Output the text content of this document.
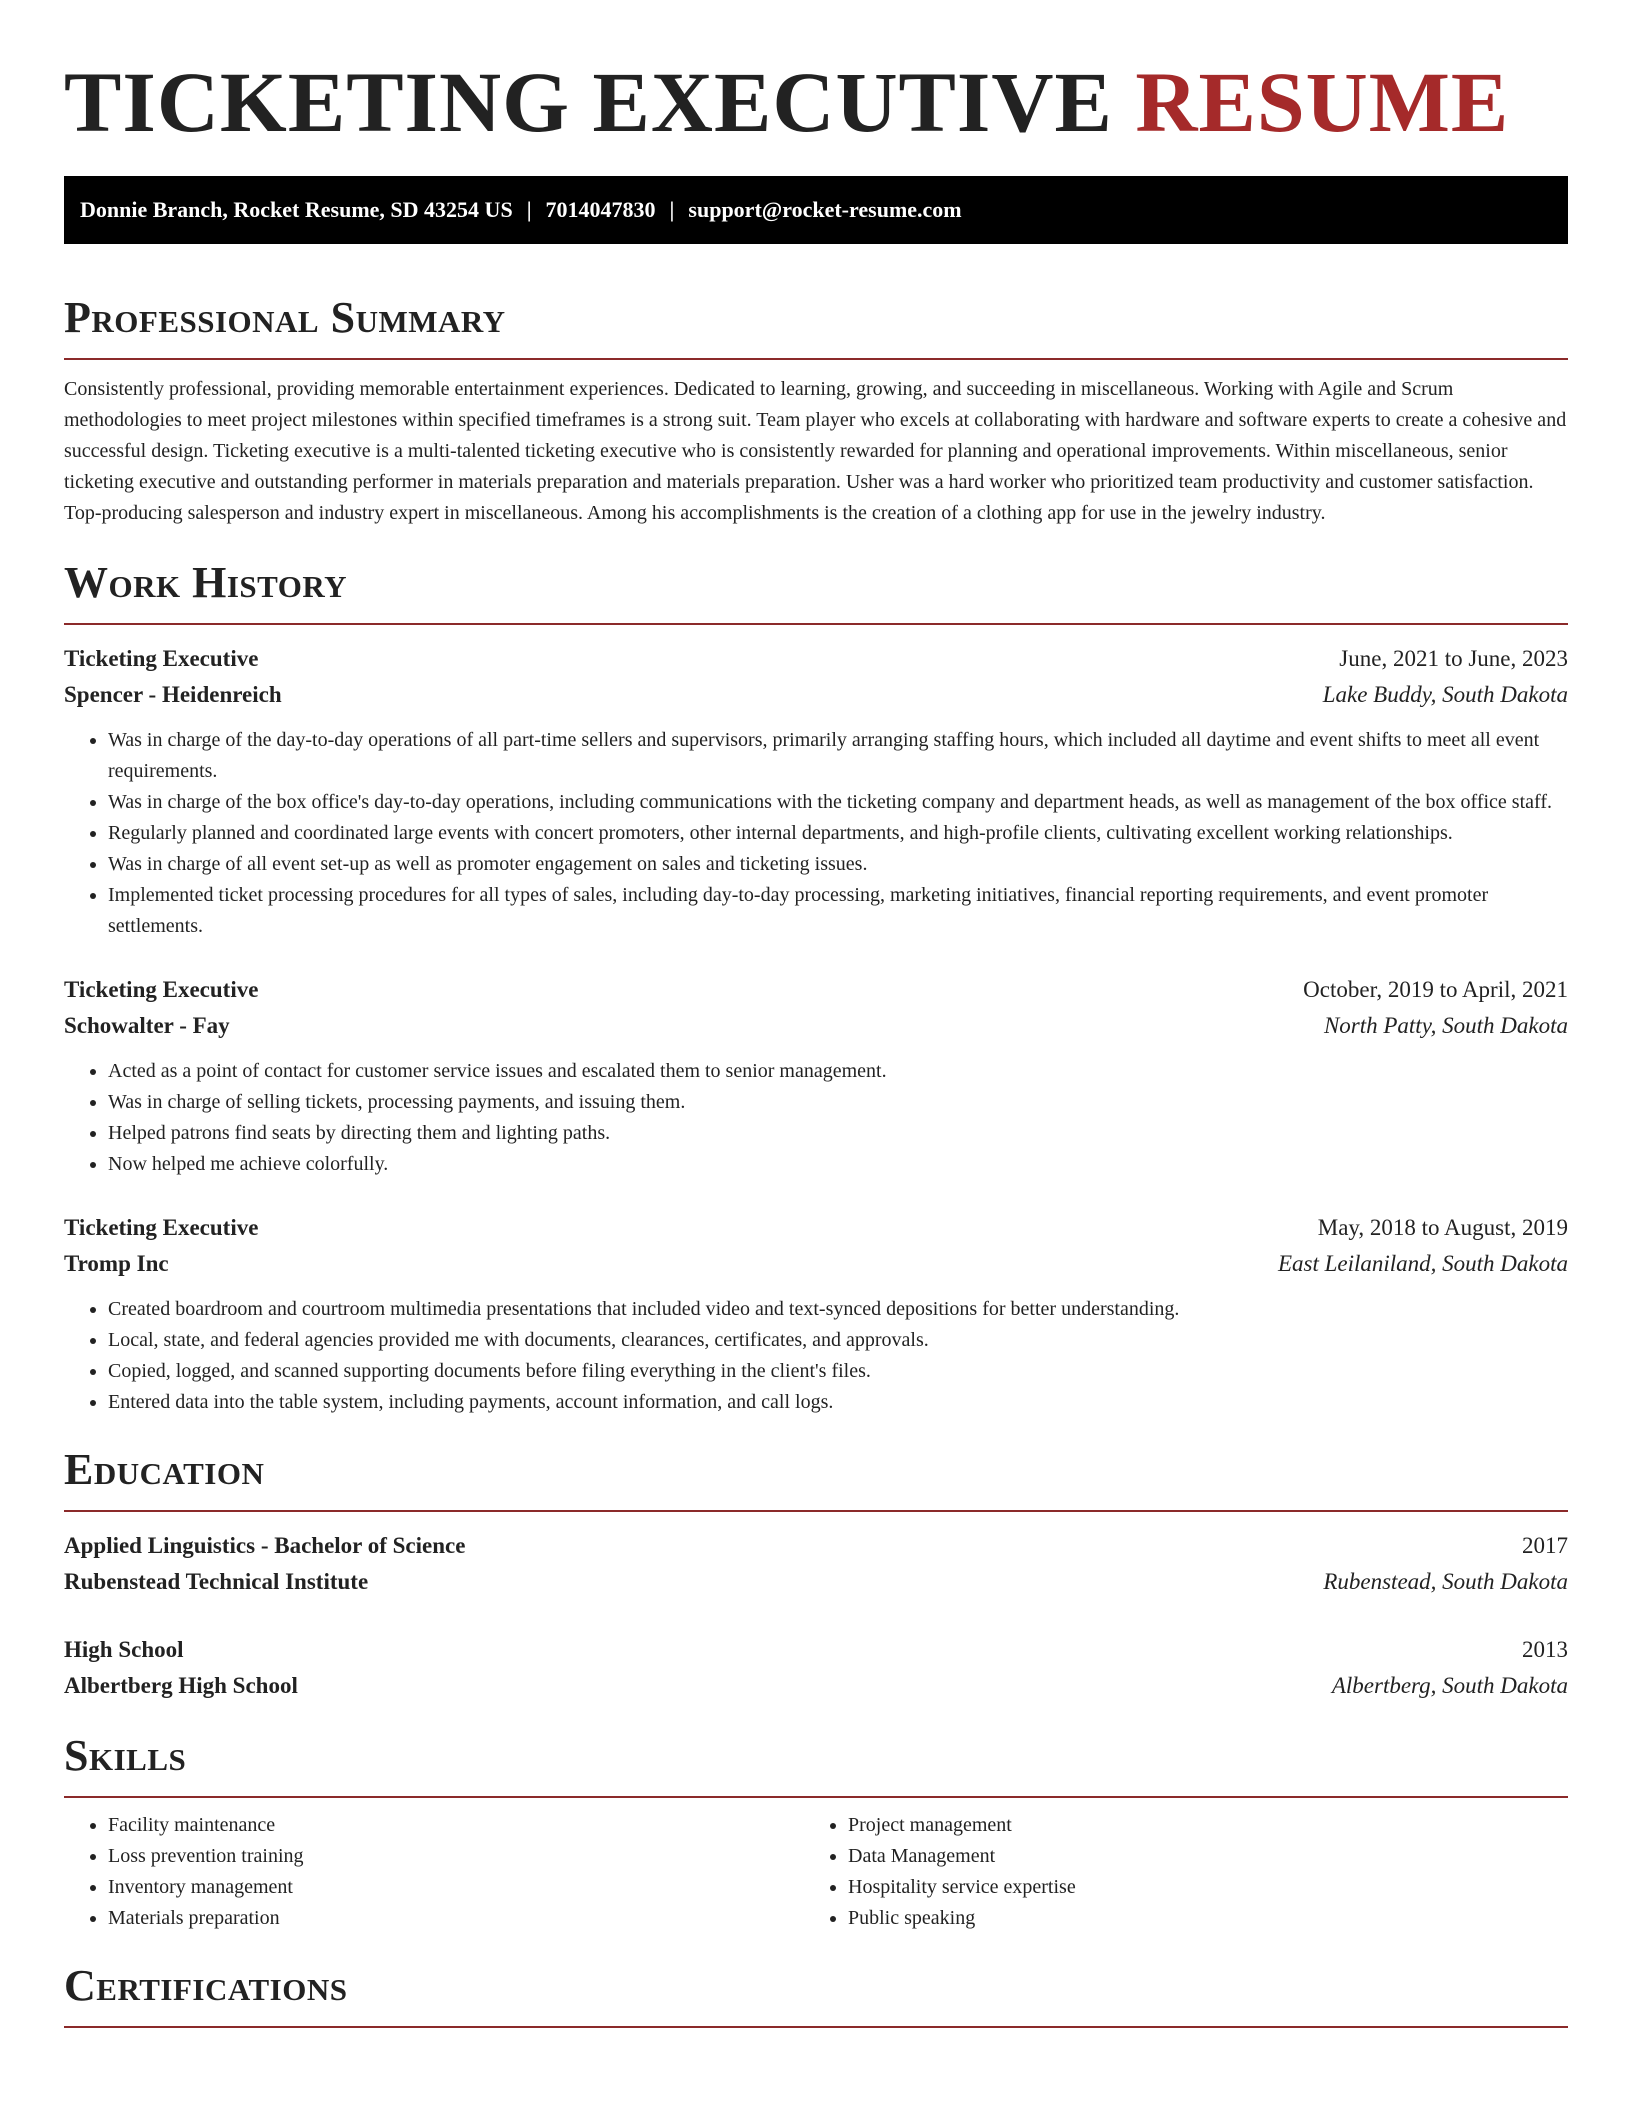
TICKETING EXECUTIVE RESUME
Donnie Branch, Rocket Resume, SD 43254 US | 7014047830 | support@rocket-resume.com
Professional Summary

Consistently professional, providing memorable entertainment experiences. Dedicated to learning, growing, and succeeding in miscellaneous. Working with Agile and Scrum methodologies to meet project milestones within specified timeframes is a strong suit. Team player who excels at collaborating with hardware and software experts to create a cohesive and successful design. Ticketing executive is a multi-talented ticketing executive who is consistently rewarded for planning and operational improvements. Within miscellaneous, senior ticketing executive and outstanding performer in materials preparation and materials preparation. Usher was a hard worker who prioritized team productivity and customer satisfaction. Top-producing salesperson and industry expert in miscellaneous. Among his accomplishments is the creation of a clothing app for use in the jewelry industry.

Work History
Ticketing Executive	June, 2021 to June, 2023
Spencer - Heidenreich	Lake Buddy, South Dakota
• Was in charge of the day-to-day operations of all part-time sellers and supervisors, primarily arranging staffing hours, which included all daytime and event shifts to meet all event requirements.
• Was in charge of the box office's day-to-day operations, including communications with the ticketing company and department heads, as well as management of the box office staff.
• Regularly planned and coordinated large events with concert promoters, other internal departments, and high-profile clients, cultivating excellent working relationships.
• Was in charge of all event set-up as well as promoter engagement on sales and ticketing issues.
• Implemented ticket processing procedures for all types of sales, including day-to-day processing, marketing initiatives, financial reporting requirements, and event promoter settlements.
Ticketing Executive	October, 2019 to April, 2021
Schowalter - Fay	North Patty, South Dakota
• Acted as a point of contact for customer service issues and escalated them to senior management.
• Was in charge of selling tickets, processing payments, and issuing them.
• Helped patrons find seats by directing them and lighting paths.
• Now helped me achieve colorfully.
Ticketing Executive	May, 2018 to August, 2019
Tromp Inc	East Leilaniland, South Dakota
• Created boardroom and courtroom multimedia presentations that included video and text-synced depositions for better understanding.
• Local, state, and federal agencies provided me with documents, clearances, certificates, and approvals.
• Copied, logged, and scanned supporting documents before filing everything in the client's files.
• Entered data into the table system, including payments, account information, and call logs.
Education
Applied Linguistics - Bachelor of Science	2017
Rubenstead Technical Institute	Rubenstead, South Dakota
High School	2013
Albertberg High School	Albertberg, South Dakota
Skills
• Facility maintenance
• Loss prevention training
• Inventory management
• Materials preparation
• Project management
• Data Management
• Hospitality service expertise
• Public speaking
Certifications
